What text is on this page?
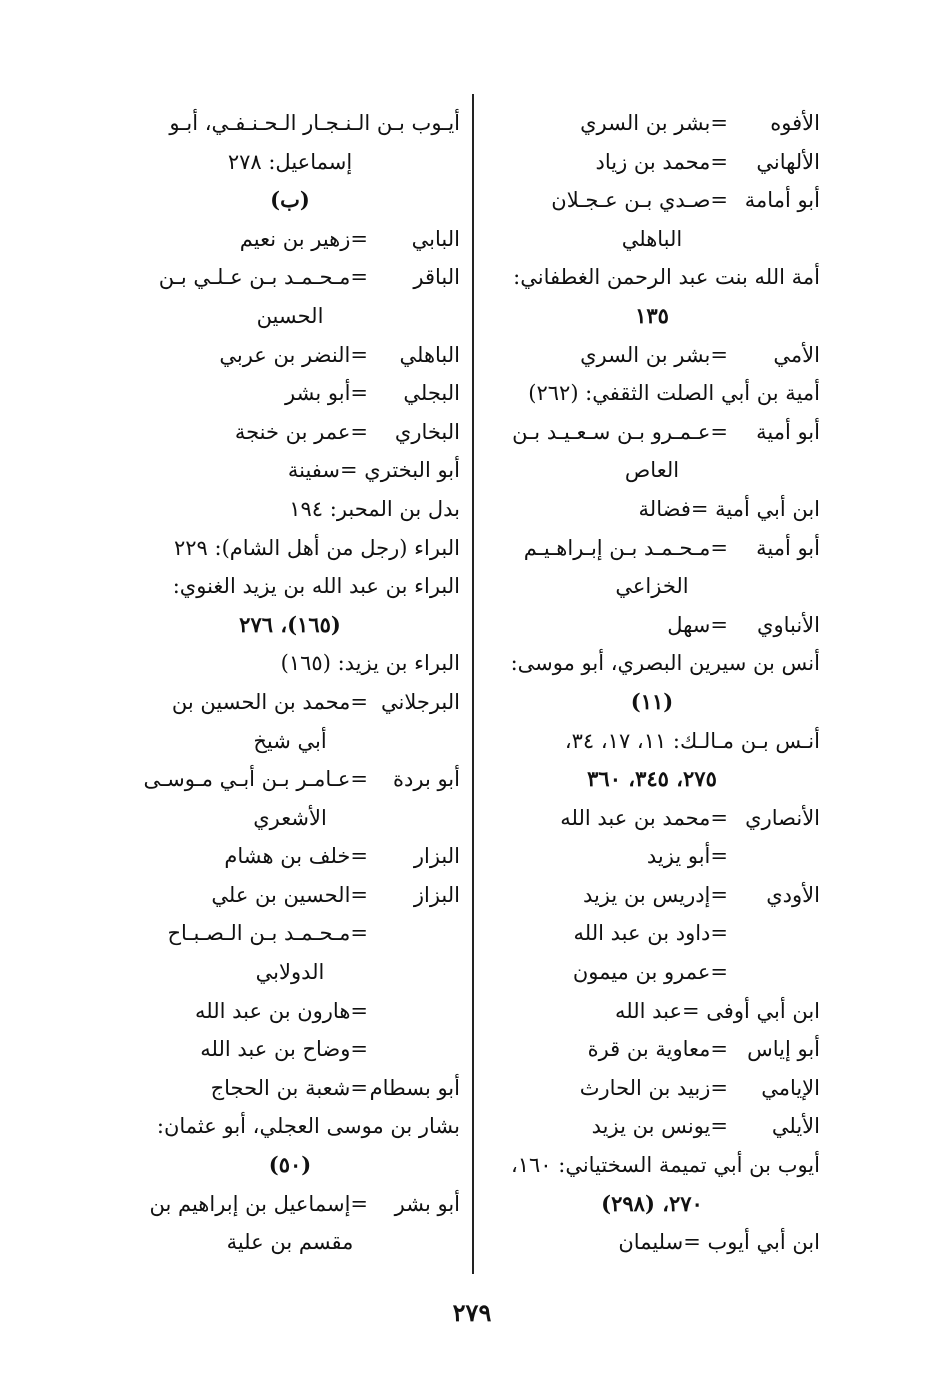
الأفوه=بشر بن السري
الألهاني=محمد بن زياد
أبو أمامة=صـدي بـن عـجـلان
الباهلي
أمة الله بنت عبد الرحمن الغطفاني:
١٣٥
الأمي=بشر بن السري
أمية بن أبي الصلت الثقفي: (٢٦٢)
أبو أمية=عـمـرو بـن سـعـيـد بـن
العاص
ابن أبي أمية =فضالة
أبو أمية=مـحـمـد بـن إبـراهـيـم
الخزاعي
الأنباوي=سهل
أنس بن سيرين البصري، أبو موسى:
(١١)
أنـس بـن مـالـك: ١١، ١٧، ٣٤،
٢٧٥، ٣٤٥، ٣٦٠
الأنصاري=محمد بن عبد الله
=أبو يزيد
الأودي=إدريس بن يزيد
=داود بن عبد الله
=عمرو بن ميمون
ابن أبي أوفى =عبد الله
أبو إياس=معاوية بن قرة
الإيامي=زبيد بن الحارث
الأيلي=يونس بن يزيد
أيوب بن أبي تميمة السختياني: ١٦٠،
٢٧٠، (٢٩٨)
ابن أبي أيوب =سليمان
أيـوب بـن الـنـجـار الـحـنـفـي، أبـو
إسماعيل: ٢٧٨
(ب)
البابي=زهير بن نعيم
الباقر=مـحـمـد بـن عـلـي بـن
الحسين
الباهلي=النضر بن عربي
البجلي=أبو بشر
البخاري=عمر بن خنجة
أبو البختري =سفينة
بدل بن المحبر: ١٩٤
البراء (رجل من أهل الشام): ٢٢٩
البراء بن عبد الله بن يزيد الغنوي:
(١٦٥)، ٢٧٦
البراء بن يزيد: (١٦٥)
البرجلاني=محمد بن الحسين بن
أبي شيخ
أبو بردة=عـامـر بـن أبـي مـوسـى
الأشعري
البزار=خلف بن هشام
البزاز=الحسين بن علي
=مـحـمـد بـن الـصـبـاح
الدولابي
=هارون بن عبد الله
=وضاح بن عبد الله
أبو بسطام=شعبة بن الحجاج
بشار بن موسى العجلي، أبو عثمان:
(٥٠)
أبو بشر=إسماعيل بن إبراهيم بن
مقسم بن علية
٢٧٩
